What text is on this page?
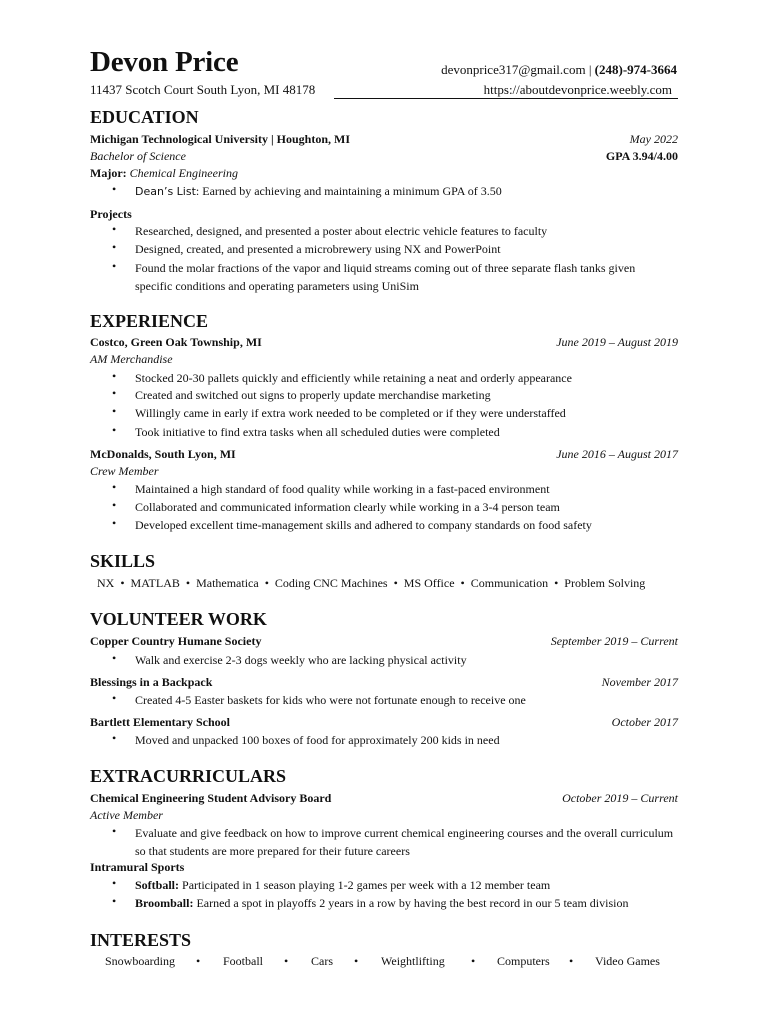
Devon Price	devonprice317@gmail.com | (248)-974-3664
11437 Scotch Court South Lyon, MI 48178	https://aboutdevonprice.weebly.com
EDUCATION
Michigan Technological University | Houghton, MI	May 2022
Bachelor of Science	GPA 3.94/4.00
Major: Chemical Engineering
• Dean’s List: Earned by achieving and maintaining a minimum GPA of 3.50
Projects
• Researched, designed, and presented a poster about electric vehicle features to faculty
• Designed, created, and presented a microbrewery using NX and PowerPoint
• Found the molar fractions of the vapor and liquid streams coming out of three separate flash tanks given specific conditions and operating parameters using UniSim
EXPERIENCE
Costco, Green Oak Township, MI	June 2019 – August 2019
AM Merchandise
• Stocked 20-30 pallets quickly and efficiently while retaining a neat and orderly appearance
• Created and switched out signs to properly update merchandise marketing
• Willingly came in early if extra work needed to be completed or if they were understaffed
• Took initiative to find extra tasks when all scheduled duties were completed
McDonalds, South Lyon, MI	June 2016 – August 2017
Crew Member
• Maintained a high standard of food quality while working in a fast-paced environment
• Collaborated and communicated information clearly while working in a 3-4 person team
• Developed excellent time-management skills and adhered to company standards on food safety
SKILLS
NX  •  MATLAB  •  Mathematica  •  Coding CNC Machines  •  MS Office  •  Communication  •  Problem Solving
VOLUNTEER WORK
Copper Country Humane Society	September 2019 – Current
• Walk and exercise 2-3 dogs weekly who are lacking physical activity
Blessings in a Backpack	November 2017
• Created 4-5 Easter baskets for kids who were not fortunate enough to receive one
Bartlett Elementary School	October 2017
• Moved and unpacked 100 boxes of food for approximately 200 kids in need
EXTRACURRICULARS
Chemical Engineering Student Advisory Board	October 2019 – Current
Active Member
• Evaluate and give feedback on how to improve current chemical engineering courses and the overall curriculum so that students are more prepared for their future careers
Intramural Sports
• Softball: Participated in 1 season playing 1-2 games per week with a 12 member team
• Broomball: Earned a spot in playoffs 2 years in a row by having the best record in our 5 team division
INTERESTS
Snowboarding • Football • Cars • Weightlifting • Computers • Video Games
